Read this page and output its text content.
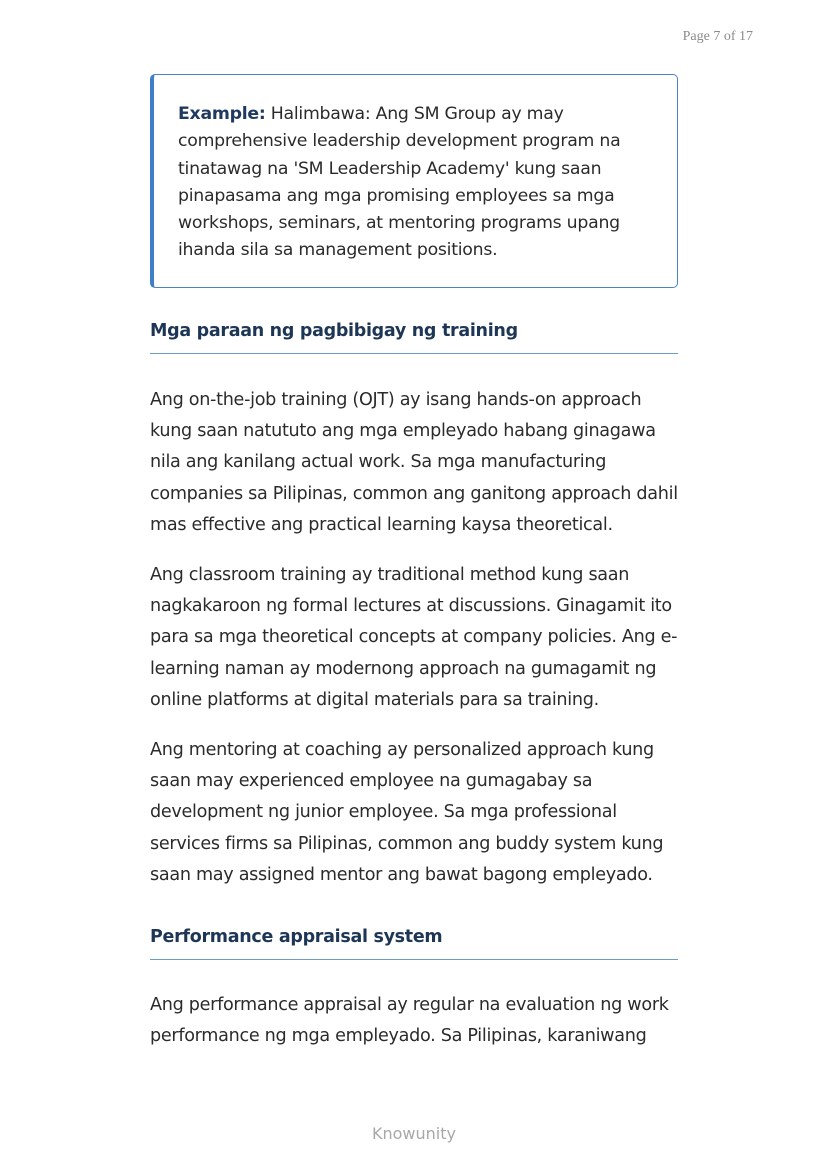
Page 7 of 17
Example: Halimbawa: Ang SM Group ay may comprehensive leadership development program na tinatawag na 'SM Leadership Academy' kung saan pinapasama ang mga promising employees sa mga workshops, seminars, at mentoring programs upang ihanda sila sa management positions.
Mga paraan ng pagbibigay ng training

Ang on-the-job training (OJT) ay isang hands-on approach kung saan natututo ang mga empleyado habang ginagawa nila ang kanilang actual work. Sa mga manufacturing companies sa Pilipinas, common ang ganitong approach dahil mas effective ang practical learning kaysa theoretical.

Ang classroom training ay traditional method kung saan nagkakaroon ng formal lectures at discussions. Ginagamit ito para sa mga theoretical concepts at company policies. Ang e-learning naman ay modernong approach na gumagamit ng online platforms at digital materials para sa training.

Ang mentoring at coaching ay personalized approach kung saan may experienced employee na gumagabay sa development ng junior employee. Sa mga professional services firms sa Pilipinas, common ang buddy system kung saan may assigned mentor ang bawat bagong empleyado.

Performance appraisal system

Ang performance appraisal ay regular na evaluation ng work performance ng mga empleyado. Sa Pilipinas, karaniwang

Knowunity
